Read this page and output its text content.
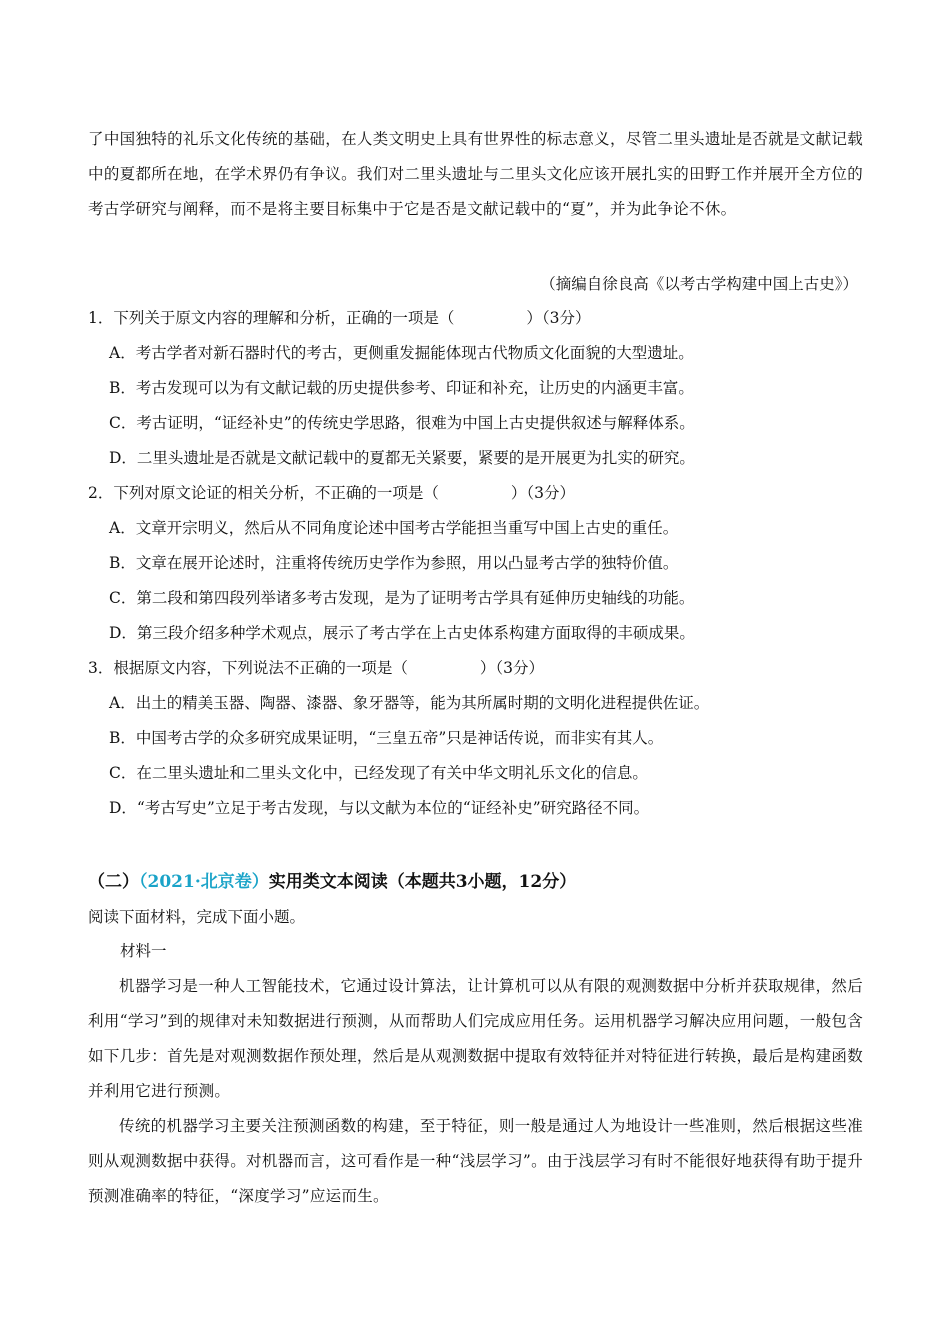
了中国独特的礼乐文化传统的基础，在人类文明史上具有世界性的标志意义，尽管二里头遗址是否就是文献记载中的夏都所在地，在学术界仍有争议。我们对二里头遗址与二里头文化应该开展扎实的田野工作并展开全方位的考古学研究与阐释，而不是将主要目标集中于它是否是文献记载中的“夏”，并为此争论不休。

（摘编自徐良高《以考古学构建中国上古史》）

1．下列关于原文内容的理解和分析，正确的一项是（	）（3分）

A．考古学者对新石器时代的考古，更侧重发掘能体现古代物质文化面貌的大型遗址。

B．考古发现可以为有文献记载的历史提供参考、印证和补充，让历史的内涵更丰富。

C．考古证明，“证经补史”的传统史学思路，很难为中国上古史提供叙述与解释体系。

D．二里头遗址是否就是文献记载中的夏都无关紧要，紧要的是开展更为扎实的研究。

2．下列对原文论证的相关分析，不正确的一项是（	）（3分）

A．文章开宗明义，然后从不同角度论述中国考古学能担当重写中国上古史的重任。

B．文章在展开论述时，注重将传统历史学作为参照，用以凸显考古学的独特价值。

C．第二段和第四段列举诸多考古发现，是为了证明考古学具有延伸历史轴线的功能。

D．第三段介绍多种学术观点，展示了考古学在上古史体系构建方面取得的丰硕成果。

3．根据原文内容，下列说法不正确的一项是（	）（3分）

A．出土的精美玉器、陶器、漆器、象牙器等，能为其所属时期的文明化进程提供佐证。

B．中国考古学的众多研究成果证明，“三皇五帝”只是神话传说，而非实有其人。

C．在二里头遗址和二里头文化中，已经发现了有关中华文明礼乐文化的信息。

D．“考古写史”立足于考古发现，与以文献为本位的“证经补史”研究路径不同。

（二）（2021·北京卷）实用类文本阅读（本题共3小题，12分）

阅读下面材料，完成下面小题。

材料一

机器学习是一种人工智能技术，它通过设计算法，让计算机可以从有限的观测数据中分析并获取规律，然后利用“学习”到的规律对未知数据进行预测，从而帮助人们完成应用任务。运用机器学习解决应用问题，一般包含如下几步：首先是对观测数据作预处理，然后是从观测数据中提取有效特征并对特征进行转换，最后是构建函数并利用它进行预测。

传统的机器学习主要关注预测函数的构建，至于特征，则一般是通过人为地设计一些准则，然后根据这些准则从观测数据中获得。对机器而言，这可看作是一种“浅层学习”。由于浅层学习有时不能很好地获得有助于提升预测准确率的特征，“深度学习”应运而生。
